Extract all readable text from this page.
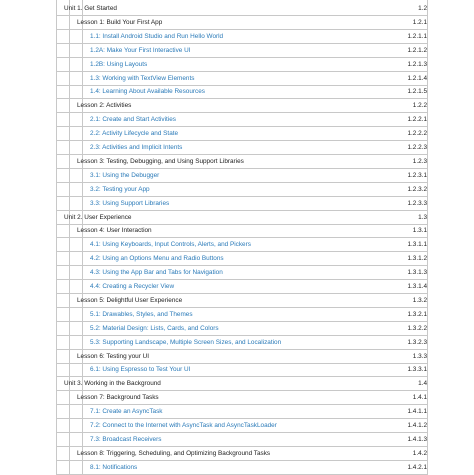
Unit 1. Get Started	1.2
Lesson 1: Build Your First App	1.2.1
1.1: Install Android Studio and Run Hello World	1.2.1.1
1.2A: Make Your First Interactive UI	1.2.1.2
1.2B: Using Layouts	1.2.1.3
1.3: Working with TextView Elements	1.2.1.4
1.4: Learning About Available Resources	1.2.1.5
Lesson 2: Activities	1.2.2
2.1: Create and Start Activities	1.2.2.1
2.2: Activity Lifecycle and State	1.2.2.2
2.3: Activities and Implicit Intents	1.2.2.3
Lesson 3: Testing, Debugging, and Using Support Libraries	1.2.3
3.1: Using the Debugger	1.2.3.1
3.2: Testing your App	1.2.3.2
3.3: Using Support Libraries	1.2.3.3
Unit 2. User Experience	1.3
Lesson 4: User Interaction	1.3.1
4.1: Using Keyboards, Input Controls, Alerts, and Pickers	1.3.1.1
4.2: Using an Options Menu and Radio Buttons	1.3.1.2
4.3: Using the App Bar and Tabs for Navigation	1.3.1.3
4.4: Creating a Recycler View	1.3.1.4
Lesson 5: Delightful User Experience	1.3.2
5.1: Drawables, Styles, and Themes	1.3.2.1
5.2: Material Design: Lists, Cards, and Colors	1.3.2.2
5.3: Supporting Landscape, Multiple Screen Sizes, and Localization	1.3.2.3
Lesson 6: Testing your UI	1.3.3
6.1: Using Espresso to Test Your UI	1.3.3.1
Unit 3. Working in the Background	1.4
Lesson 7: Background Tasks	1.4.1
7.1: Create an AsyncTask	1.4.1.1
7.2: Connect to the Internet with AsyncTask and AsyncTaskLoader	1.4.1.2
7.3: Broadcast Receivers	1.4.1.3
Lesson 8: Triggering, Scheduling, and Optimizing Background Tasks	1.4.2
8.1: Notifications	1.4.2.1
